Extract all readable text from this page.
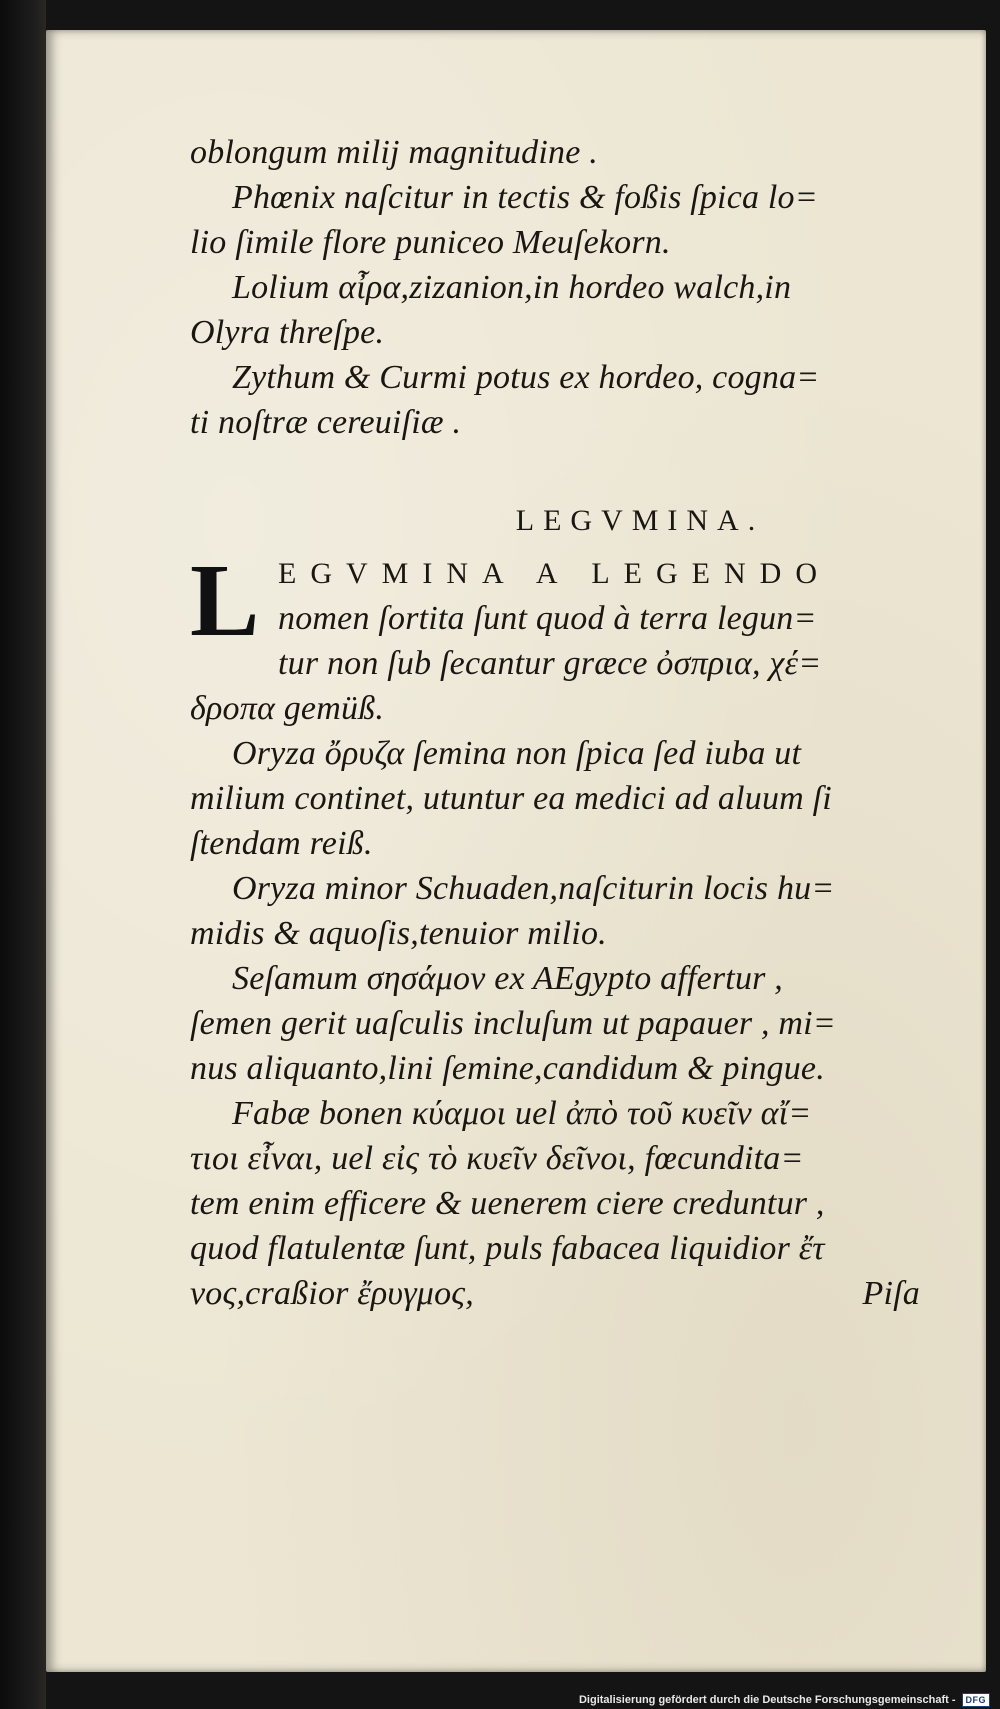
oblongum milij magnitudine .
Phœnix naſcitur in tectis & foßis ſpica lo=
lio ſimile flore puniceo Meuſekorn.
Lolium αἶρα,zizanion,in hordeo walch,in
Olyra threſpe.
Zythum & Curmi potus ex hordeo, cogna=
ti noſtræ cereuiſiæ .
LEGVMINA.
L EGVMINA A LEGENDO
nomen ſortita ſunt quod à terra legun=
tur non ſub ſecantur græce ὀσπρια, χέ=
δροπα gemüß.
Oryza ὄρυζα ſemina non ſpica ſed iuba ut
milium continet, utuntur ea medici ad aluum ſi
ſtendam reiß.
Oryza minor Schuaden,naſciturin locis hu=
midis & aquoſis,tenuior milio.
Seſamum σησάμον ex AEgypto affertur ,
ſemen gerit uaſculis incluſum ut papauer , mi=
nus aliquanto,lini ſemine,candidum & pingue.
Fabæ bonen κύαμοι uel ἀπὸ τοῦ κυεῖν αἴ=
τιοι εἶναι, uel εἰς τὸ κυεῖν δεῖνοι, fœcundita=
tem enim efficere & uenerem ciere creduntur ,
quod flatulentæ ſunt, puls fabacea liquidior ἔτ
νος,craßior ἔρυγμος,	Piſa
Digitalisierung gefördert durch die Deutsche Forschungsgemeinschaft -	DFG
